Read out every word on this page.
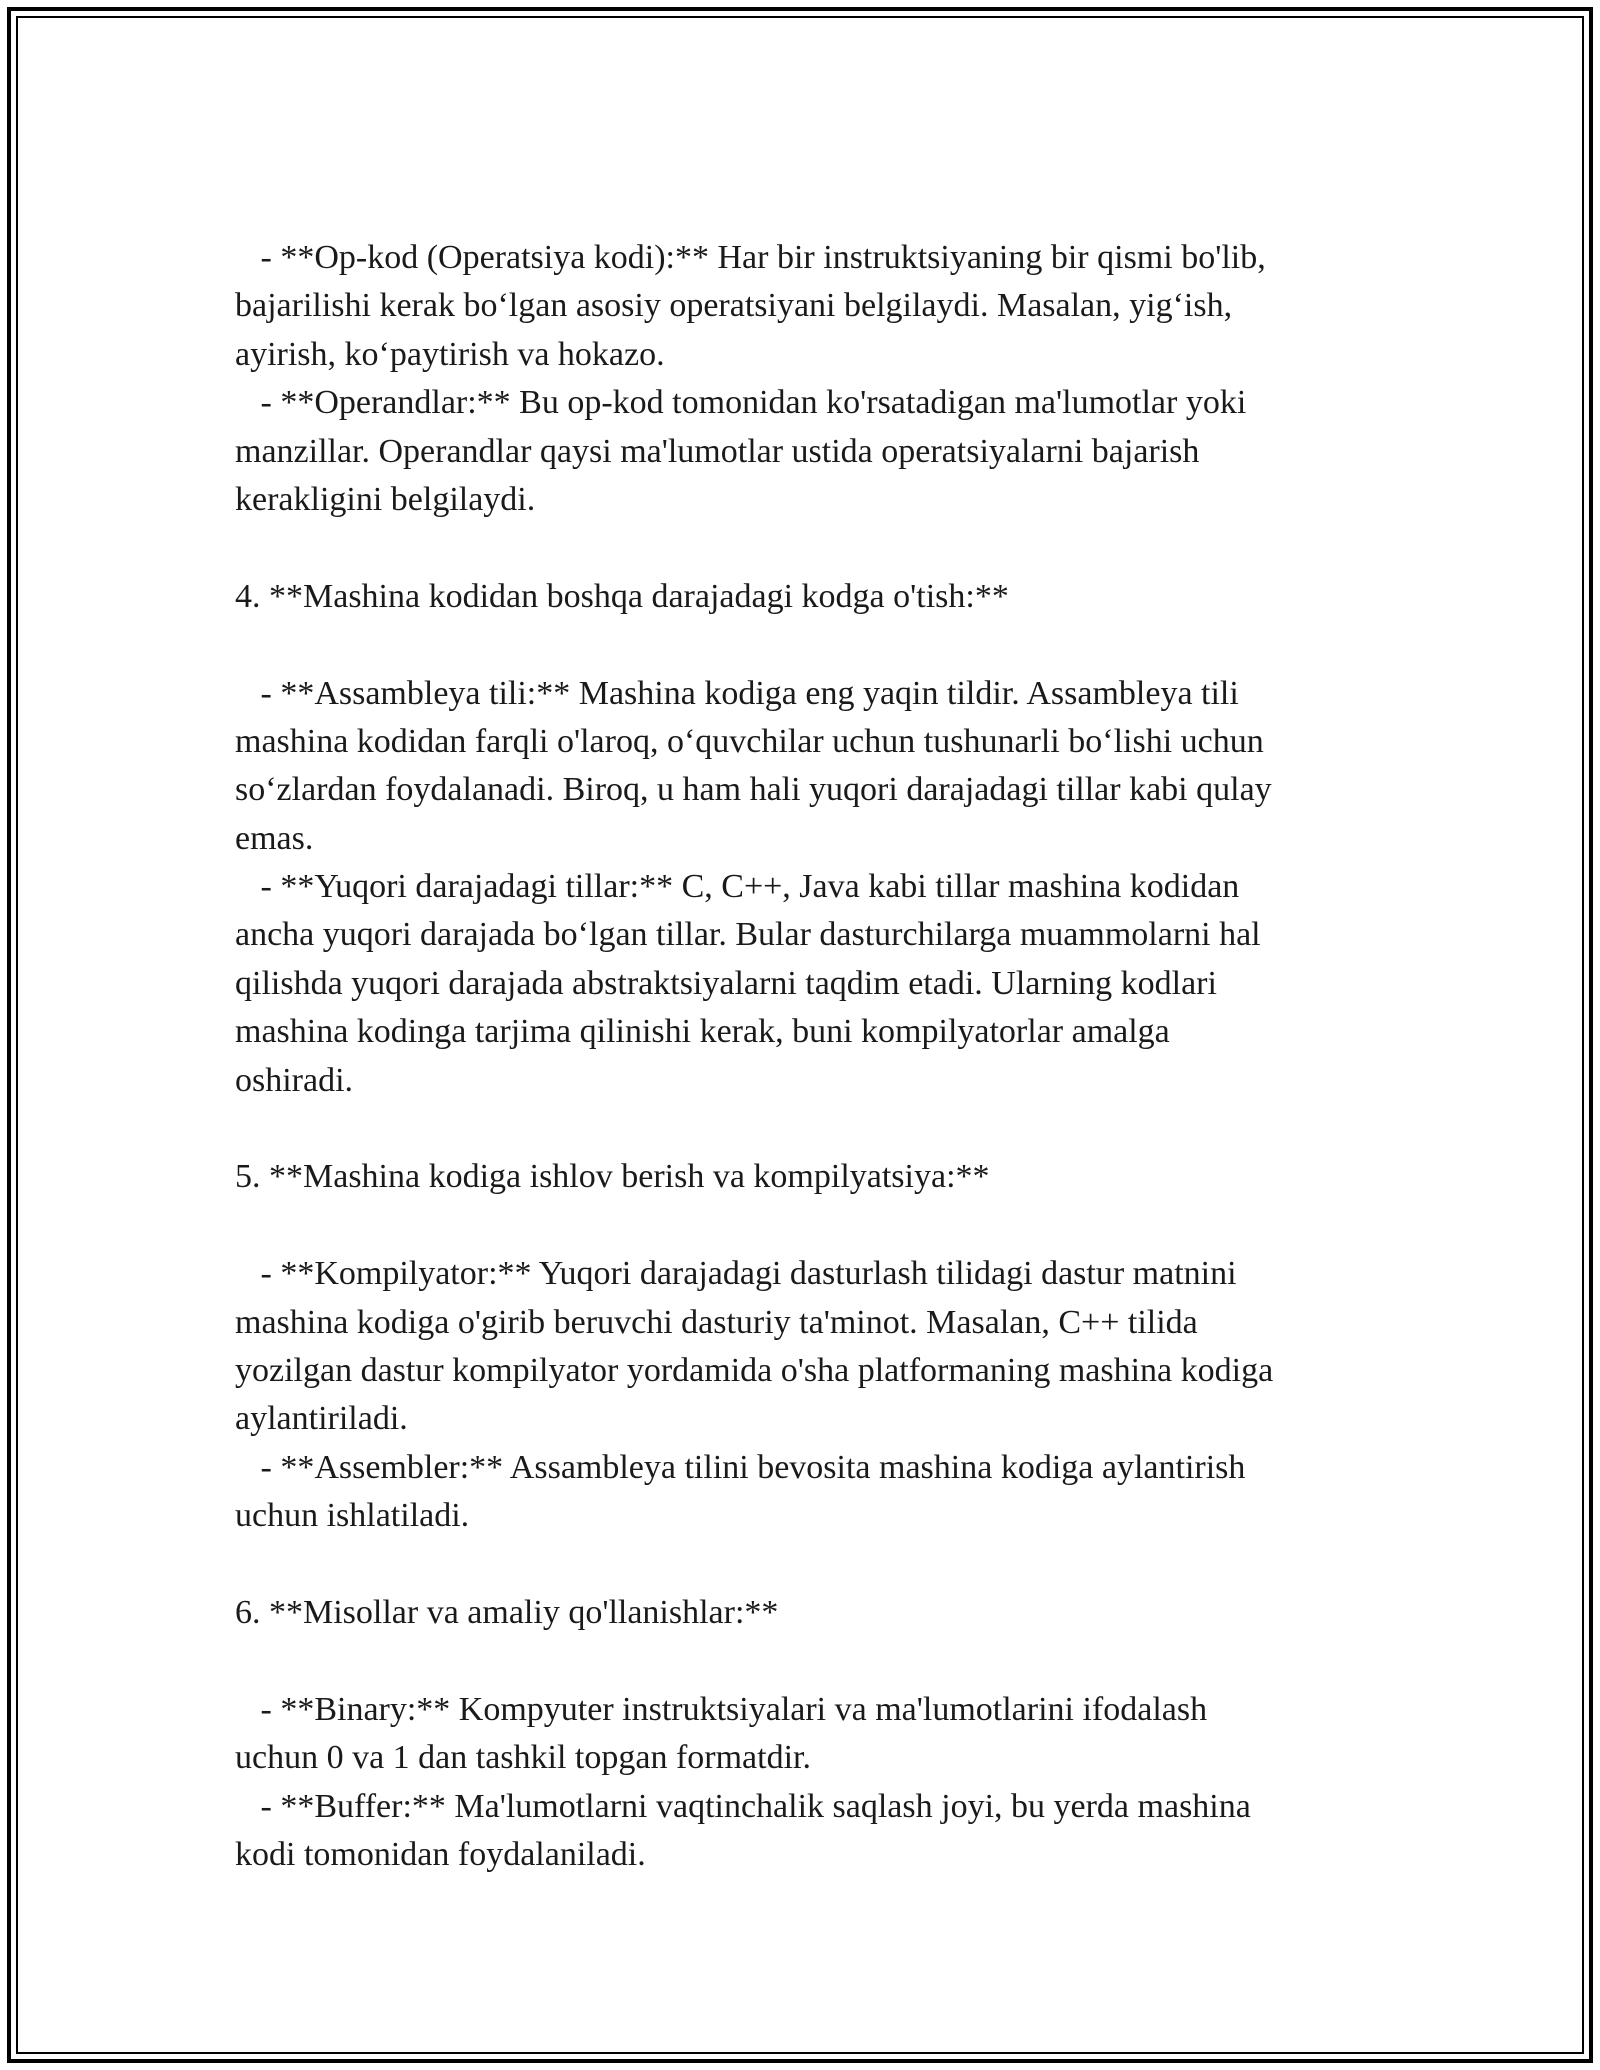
- **Op-kod (Operatsiya kodi):** Har bir instruktsiyaning bir qismi bo'lib,
bajarilishi kerak bo‘lgan asosiy operatsiyani belgilaydi. Masalan, yig‘ish,
ayirish, ko‘paytirish va hokazo.
- **Operandlar:** Bu op-kod tomonidan ko'rsatadigan ma'lumotlar yoki
manzillar. Operandlar qaysi ma'lumotlar ustida operatsiyalarni bajarish
kerakligini belgilaydi.
4. **Mashina kodidan boshqa darajadagi kodga o'tish:**
- **Assambleya tili:** Mashina kodiga eng yaqin tildir. Assambleya tili
mashina kodidan farqli o'laroq, o‘quvchilar uchun tushunarli bo‘lishi uchun
so‘zlardan foydalanadi. Biroq, u ham hali yuqori darajadagi tillar kabi qulay
emas.
- **Yuqori darajadagi tillar:** C, C++, Java kabi tillar mashina kodidan
ancha yuqori darajada bo‘lgan tillar. Bular dasturchilarga muammolarni hal
qilishda yuqori darajada abstraktsiyalarni taqdim etadi. Ularning kodlari
mashina kodinga tarjima qilinishi kerak, buni kompilyatorlar amalga
oshiradi.
5. **Mashina kodiga ishlov berish va kompilyatsiya:**
- **Kompilyator:** Yuqori darajadagi dasturlash tilidagi dastur matnini
mashina kodiga o'girib beruvchi dasturiy ta'minot. Masalan, C++ tilida
yozilgan dastur kompilyator yordamida o'sha platformaning mashina kodiga
aylantiriladi.
- **Assembler:** Assambleya tilini bevosita mashina kodiga aylantirish
uchun ishlatiladi.
6. **Misollar va amaliy qo'llanishlar:**
- **Binary:** Kompyuter instruktsiyalari va ma'lumotlarini ifodalash
uchun 0 va 1 dan tashkil topgan formatdir.
- **Buffer:** Ma'lumotlarni vaqtinchalik saqlash joyi, bu yerda mashina
kodi tomonidan foydalaniladi.
